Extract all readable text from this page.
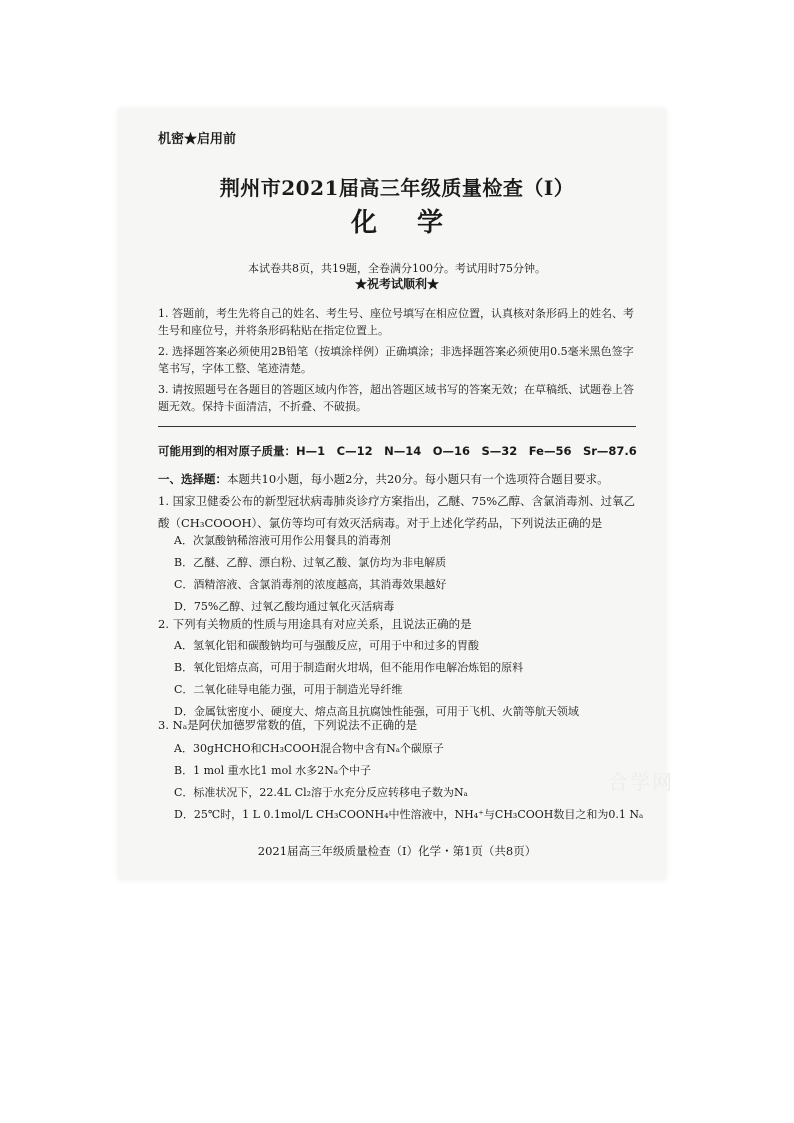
机密★启用前
荆州市2021届高三年级质量检查（Ⅰ）
化学
本试卷共8页，共19题，全卷满分100分。考试用时75分钟。
★祝考试顺利★
1. 答题前，考生先将自己的姓名、考生号、座位号填写在相应位置，认真核对条形码上的姓名、考生号和座位号，并将条形码粘贴在指定位置上。
2. 选择题答案必须使用2B铅笔（按填涂样例）正确填涂；非选择题答案必须使用0.5毫米黑色签字笔书写，字体工整、笔迹清楚。
3. 请按照题号在各题目的答题区域内作答，超出答题区域书写的答案无效；在草稿纸、试题卷上答题无效。保持卡面清洁，不折叠、不破损。
可能用到的相对原子质量：H—1　C—12　N—14　O—16　S—32　Fe—56　Sr—87.6
一、选择题：本题共10小题，每小题2分，共20分。每小题只有一个选项符合题目要求。
1. 国家卫健委公布的新型冠状病毒肺炎诊疗方案指出，乙醚、75%乙醇、含氯消毒剂、过氧乙酸（CH₃COOOH）、氯仿等均可有效灭活病毒。对于上述化学药品，下列说法正确的是
A．次氯酸钠稀溶液可用作公用餐具的消毒剂
B．乙醚、乙醇、漂白粉、过氧乙酸、氯仿均为非电解质
C．酒精溶液、含氯消毒剂的浓度越高，其消毒效果越好
D．75%乙醇、过氧乙酸均通过氧化灭活病毒
2. 下列有关物质的性质与用途具有对应关系，且说法正确的是
A．氢氧化铝和碳酸钠均可与强酸反应，可用于中和过多的胃酸
B．氧化铝熔点高，可用于制造耐火坩埚，但不能用作电解冶炼铝的原料
C．二氧化硅导电能力强，可用于制造光导纤维
D．金属钛密度小、硬度大、熔点高且抗腐蚀性能强，可用于飞机、火箭等航天领域
3. Nₐ是阿伏加德罗常数的值，下列说法不正确的是
A．30gHCHO和CH₃COOH混合物中含有Nₐ个碳原子
B．1 mol 重水比1 mol 水多2Nₐ个中子
C．标准状况下，22.4L Cl₂溶于水充分反应转移电子数为Nₐ
D．25℃时，1 L 0.1mol/L CH₃COONH₄中性溶液中，NH₄⁺与CH₃COOH数目之和为0.1 Nₐ
合学网
2021届高三年级质量检查（Ⅰ）化学・第1页（共8页）
